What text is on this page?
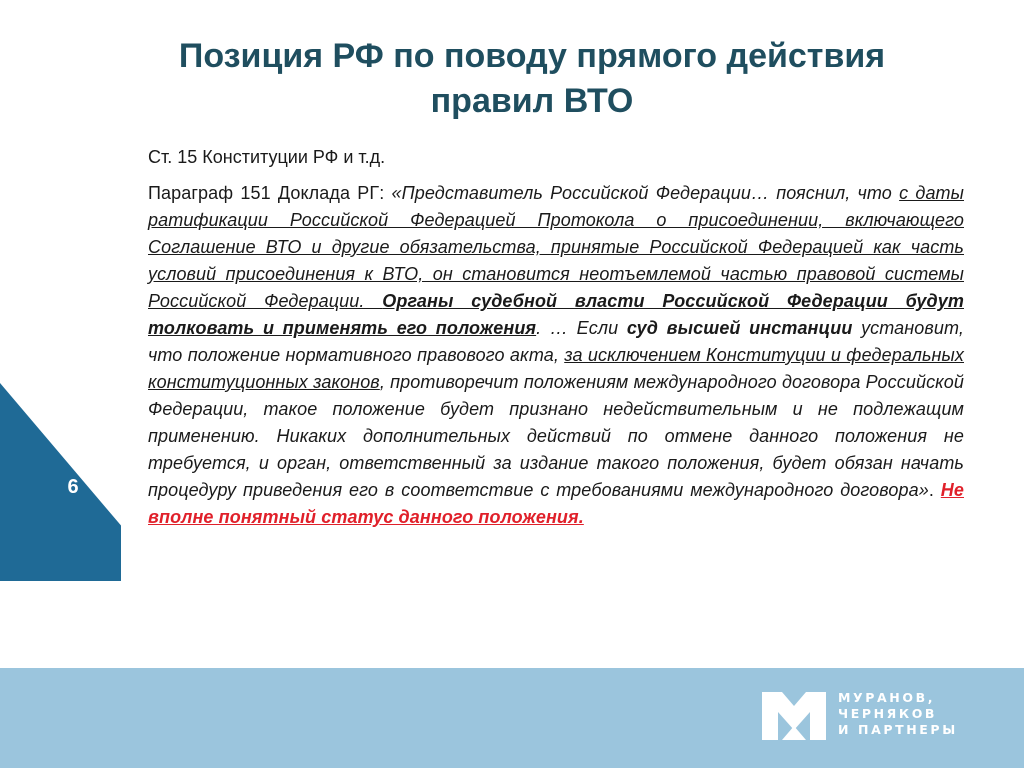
Позиция РФ по поводу прямого действия
правил ВТО
6
Ст. 15 Конституции РФ и т.д.
Параграф 151 Доклада РГ: «Представитель Российской Федерации… пояснил, что с даты ратификации Российской Федерацией Протокола о присоединении, включающего Соглашение ВТО и другие обязательства, принятые Российской Федерацией как часть условий присоединения к ВТО, он становится неотъемлемой частью правовой системы Российской Федерации. Органы судебной власти Российской Федерации будут толковать и применять его положения. … Если суд высшей инстанции установит, что положение нормативного правового акта, за исключением Конституции и федеральных конституционных законов, противоречит положениям международного договора Российской Федерации, такое положение будет признано недействительным и не подлежащим применению. Никаких дополнительных действий по отмене данного положения не требуется, и орган, ответственный за издание такого положения, будет обязан начать процедуру приведения его в соответствие с требованиями международного договора». Не вполне понятный статус данного положения.
МУРАНОВ,
ЧЕРНЯКОВ
И ПАРТНЕРЫ
